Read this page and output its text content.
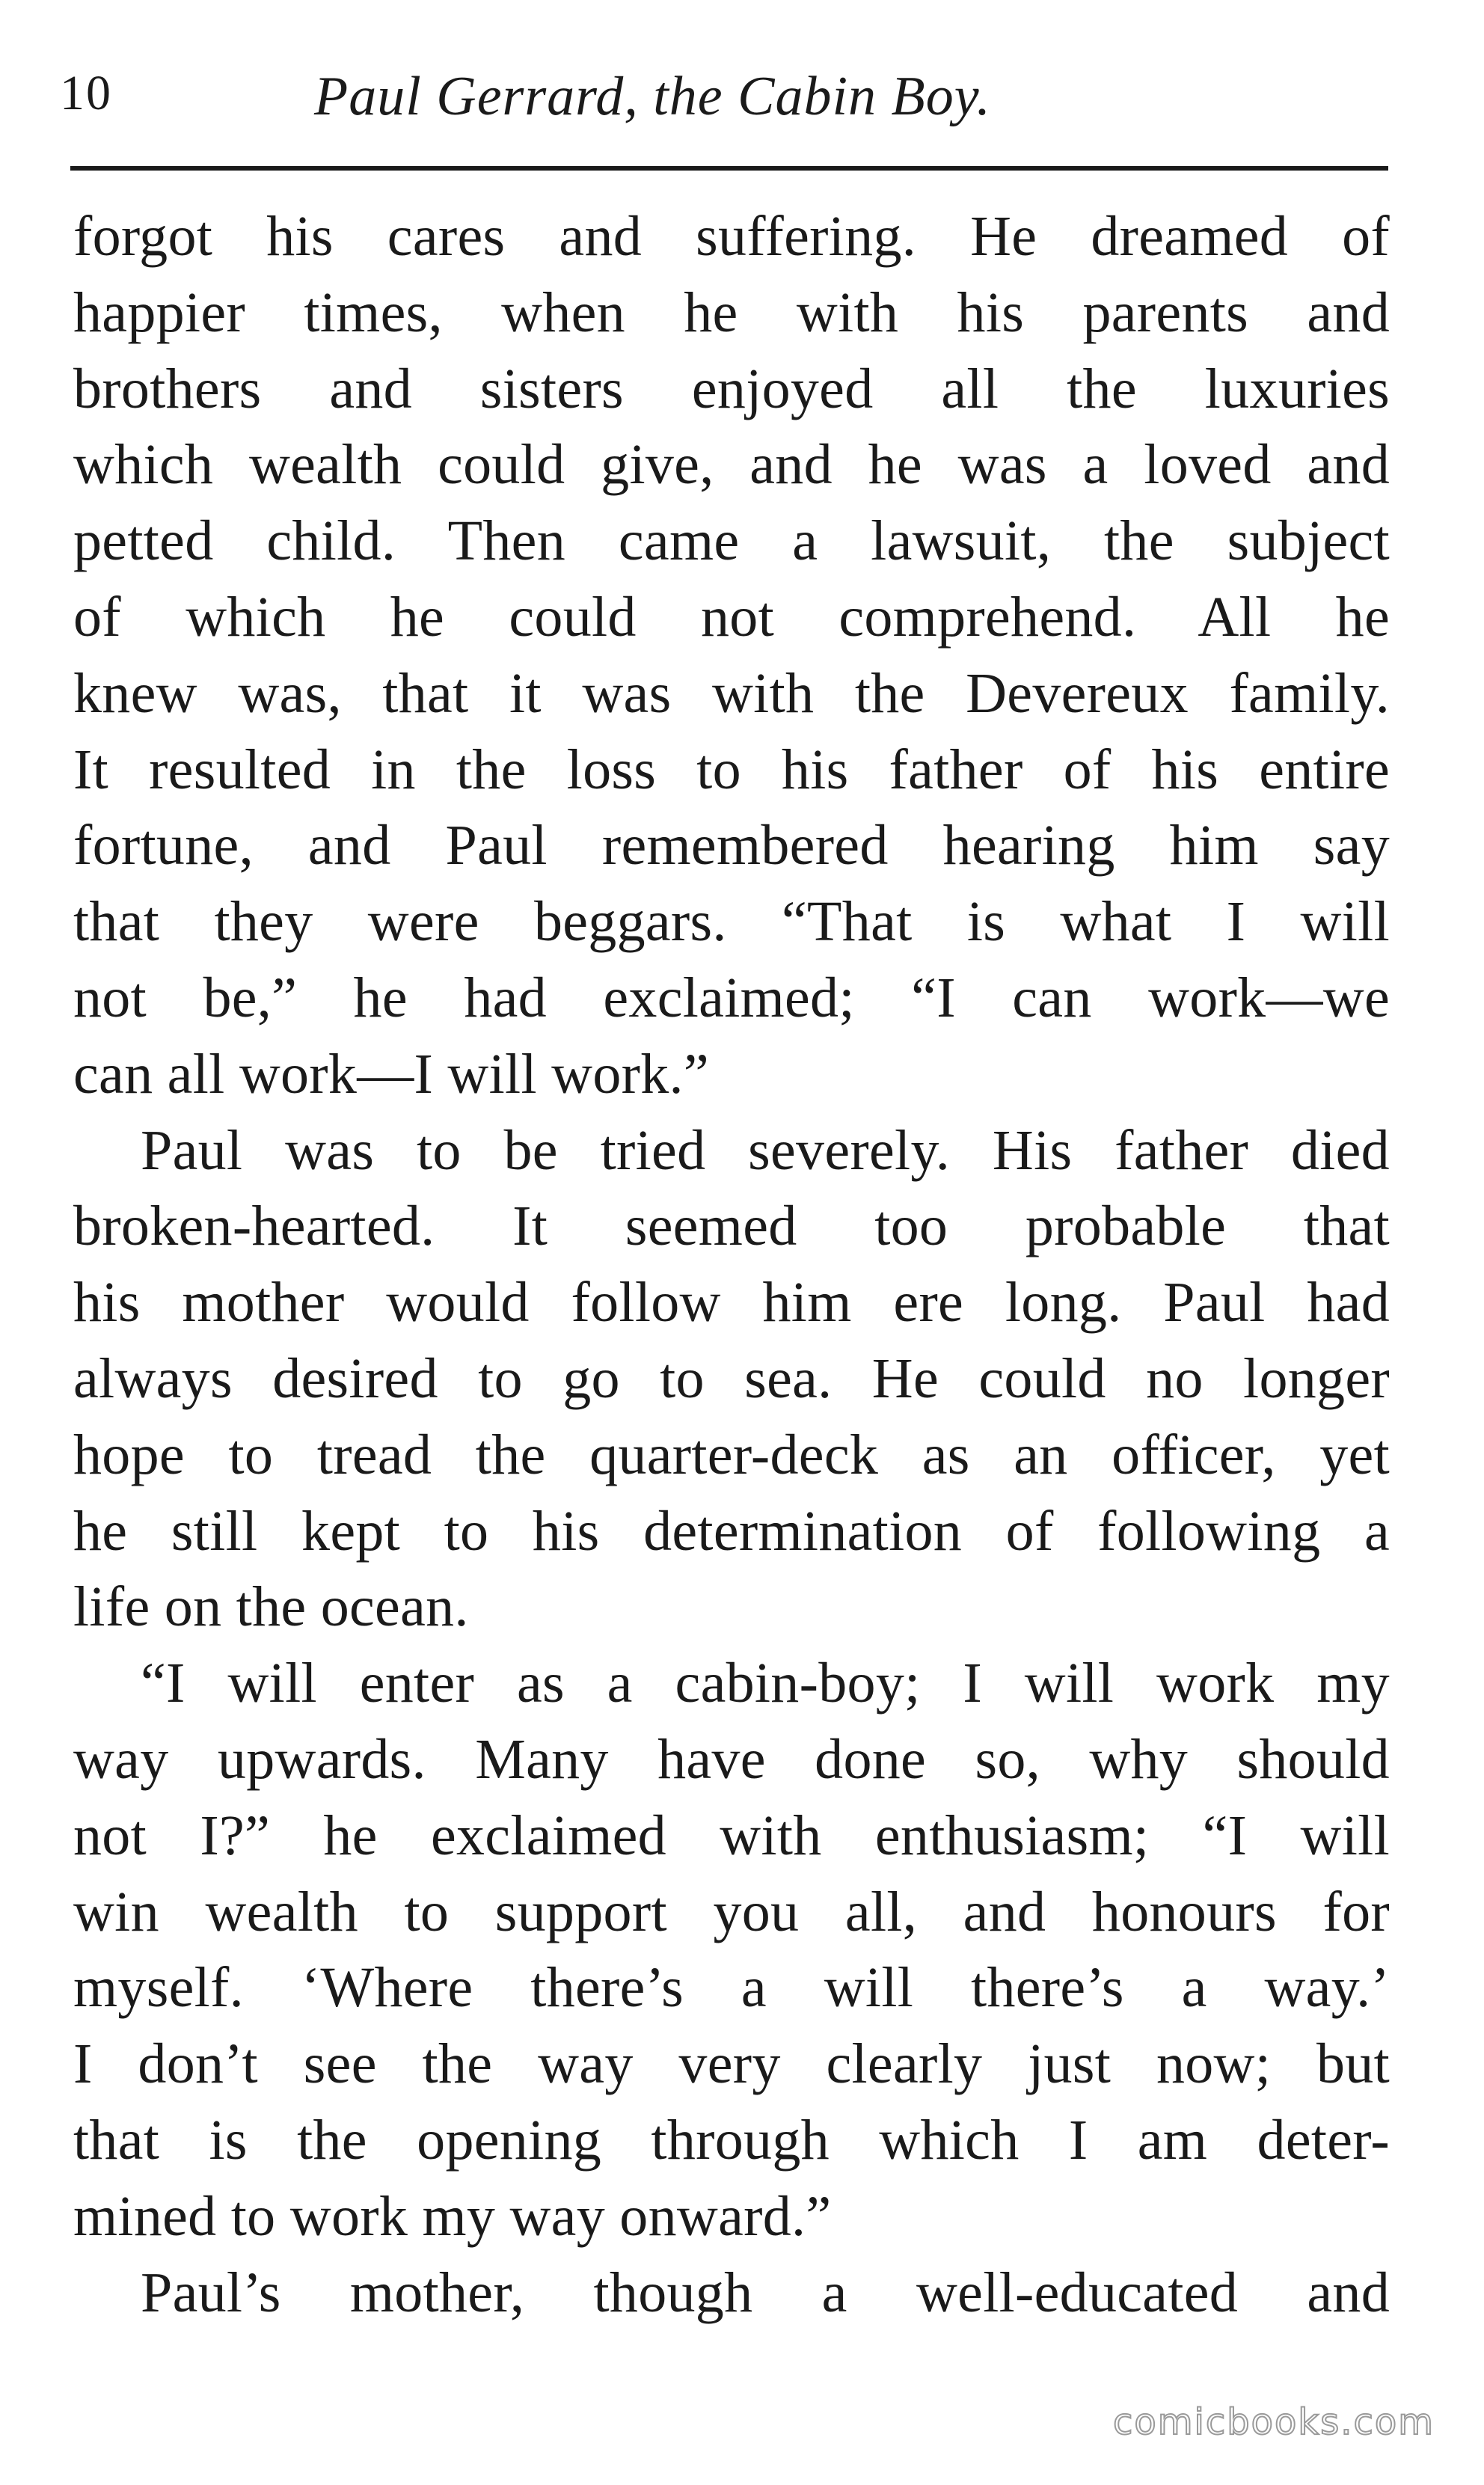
10	Paul Gerrard, the Cabin Boy.
forgot his cares and suffering. He dreamed of
happier times, when he with his parents and
brothers and sisters enjoyed all the luxuries
which wealth could give, and he was a loved and
petted child. Then came a lawsuit, the subject
of which he could not comprehend. All he
knew was, that it was with the Devereux family.
It resulted in the loss to his father of his entire
fortune, and Paul remembered hearing him say
that they were beggars. “That is what I will
not be,” he had exclaimed; “I can work—we
can all work—I will work.”
Paul was to be tried severely. His father died
broken-hearted. It seemed too probable that
his mother would follow him ere long. Paul had
always desired to go to sea. He could no longer
hope to tread the quarter-deck as an officer, yet
he still kept to his determination of following a
life on the ocean.
“I will enter as a cabin-boy; I will work my
way upwards. Many have done so, why should
not I?” he exclaimed with enthusiasm; “I will
win wealth to support you all, and honours for
myself. ‘Where there’s a will there’s a way.’
I don’t see the way very clearly just now; but
that is the opening through which I am deter-
mined to work my way onward.”
Paul’s mother, though a well-educated and
comicbooks.com
